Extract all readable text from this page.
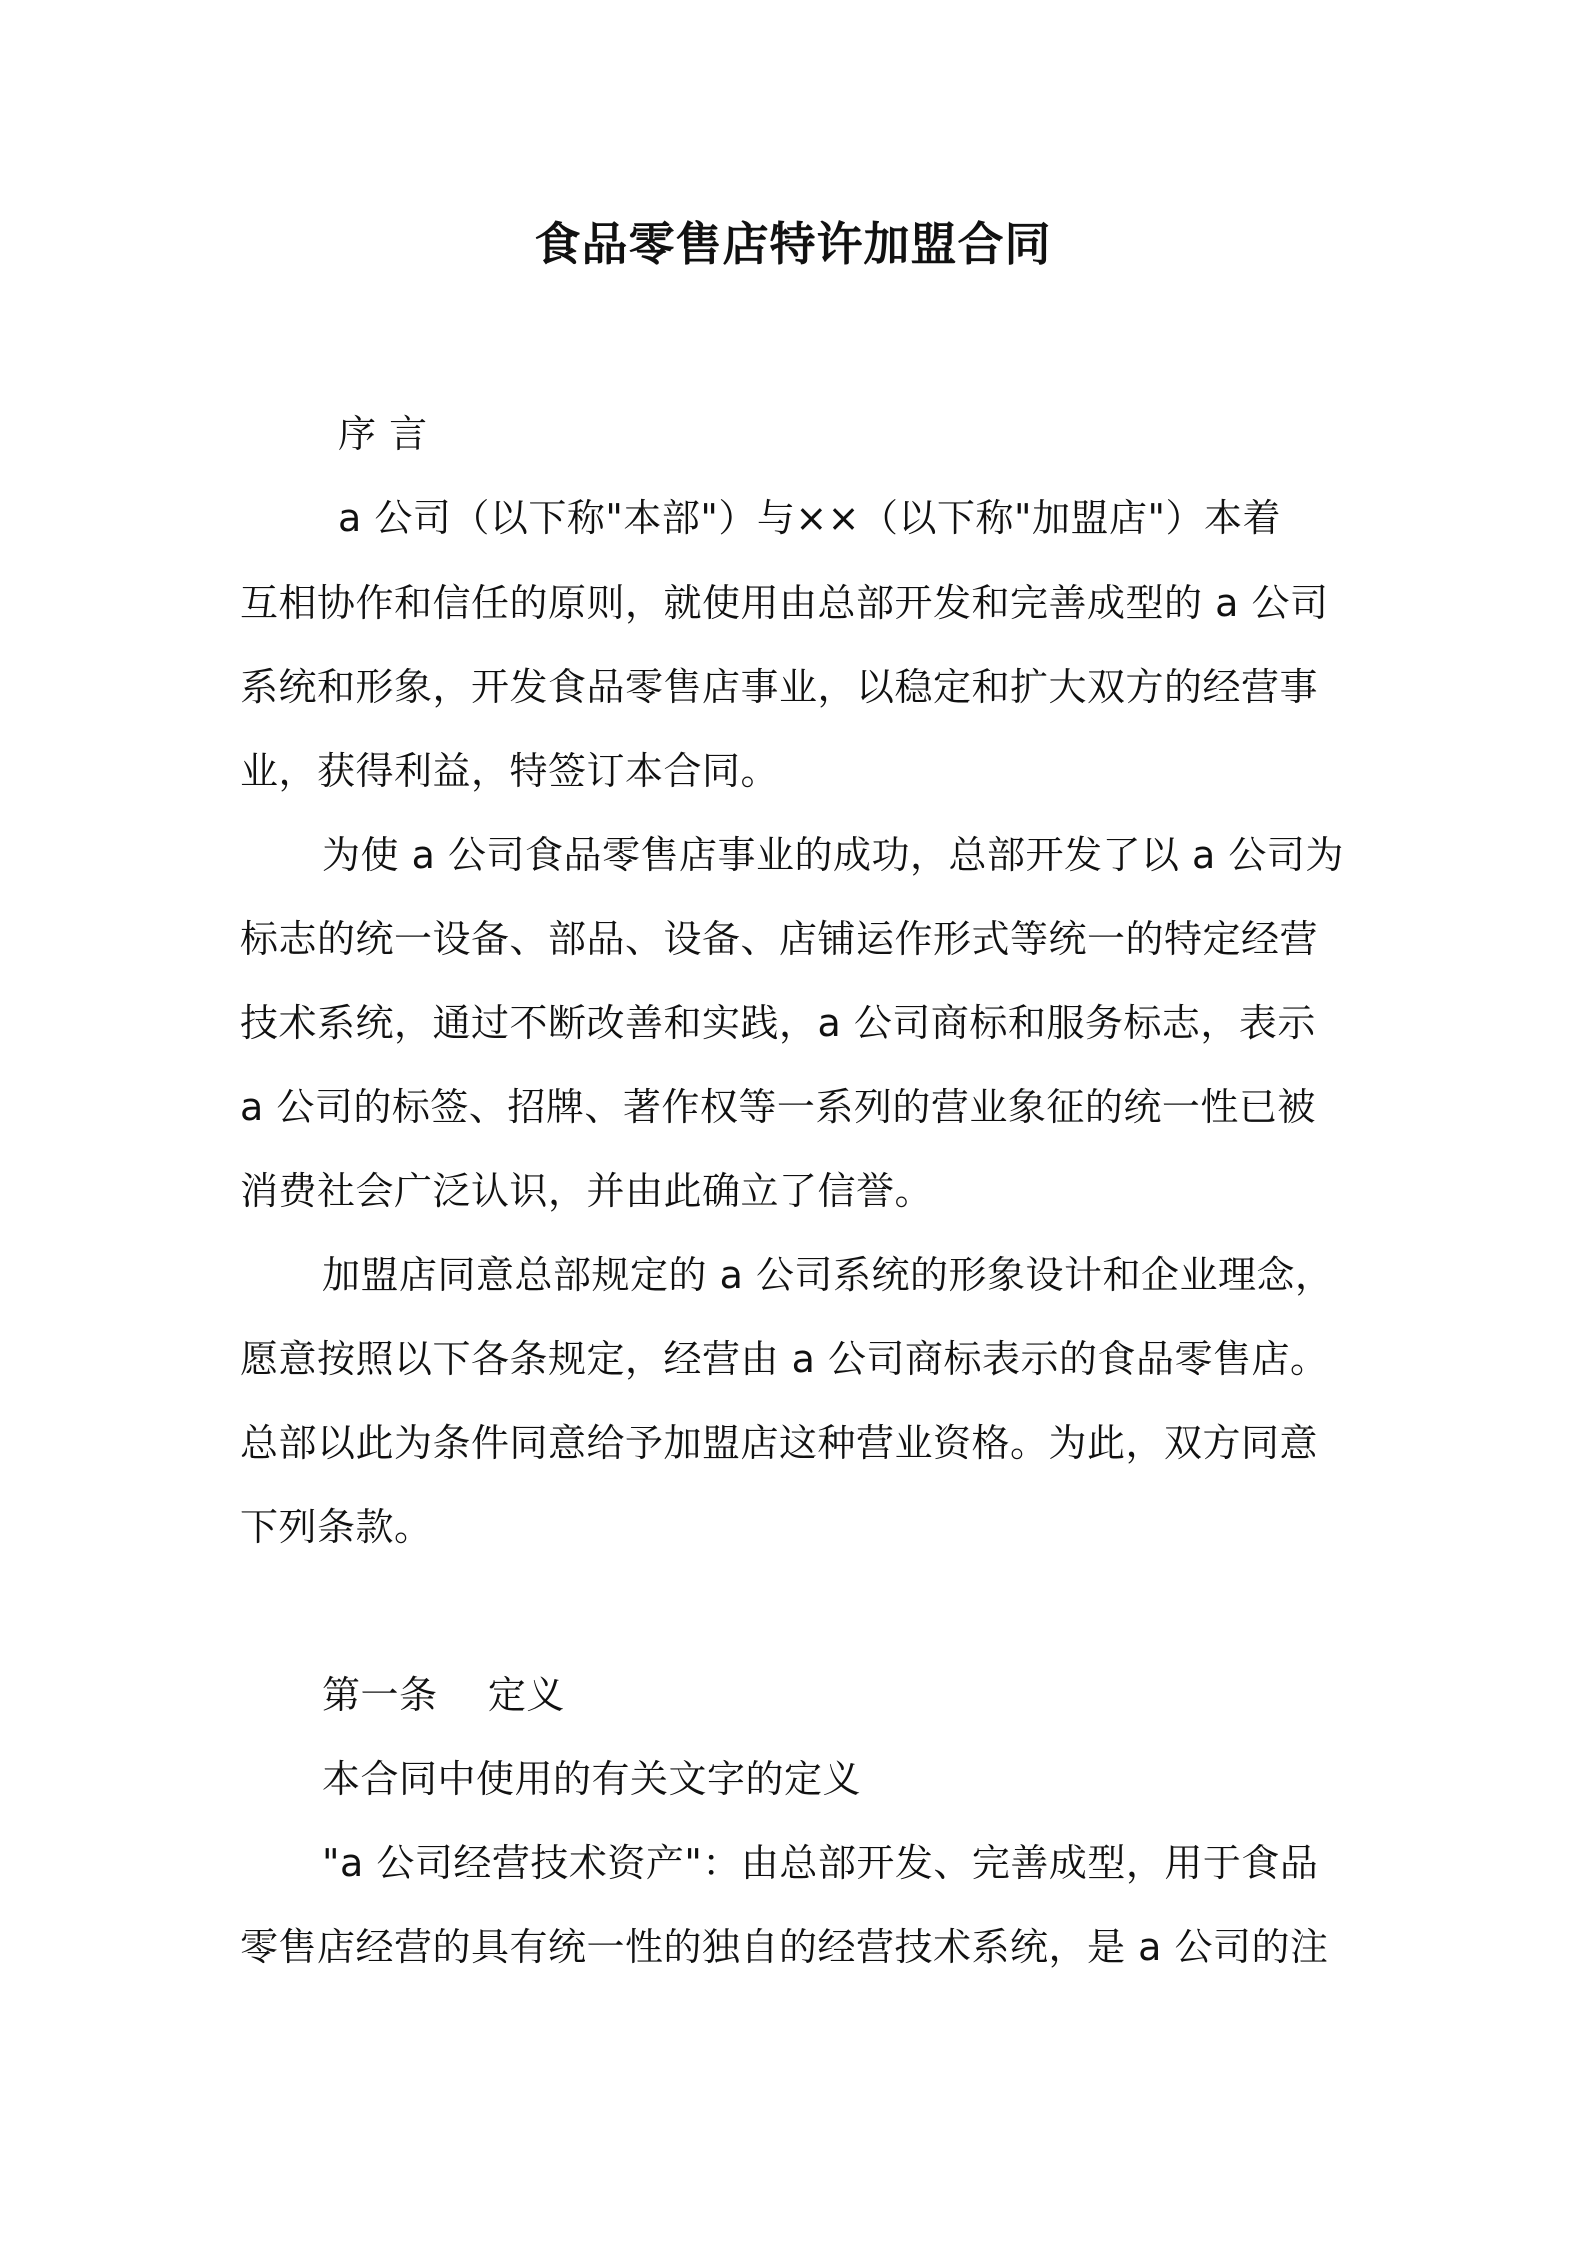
食品零售店特许加盟合同
序 言
a 公司（以下称"本部"）与××（以下称"加盟店"）本着
互相协作和信任的原则，就使用由总部开发和完善成型的 a 公司
系统和形象，开发食品零售店事业，以稳定和扩大双方的经营事
业，获得利益，特签订本合同。
为使 a 公司食品零售店事业的成功，总部开发了以 a 公司为
标志的统一设备、部品、设备、店铺运作形式等统一的特定经营
技术系统，通过不断改善和实践，a 公司商标和服务标志，表示
a 公司的标签、招牌、著作权等一系列的营业象征的统一性已被
消费社会广泛认识，并由此确立了信誉。
加盟店同意总部规定的 a 公司系统的形象设计和企业理念，
愿意按照以下各条规定，经营由 a 公司商标表示的食品零售店。
总部以此为条件同意给予加盟店这种营业资格。为此，双方同意
下列条款。
第一条    定义
本合同中使用的有关文字的定义
"a 公司经营技术资产"：由总部开发、完善成型，用于食品
零售店经营的具有统一性的独自的经营技术系统，是 a 公司的注
